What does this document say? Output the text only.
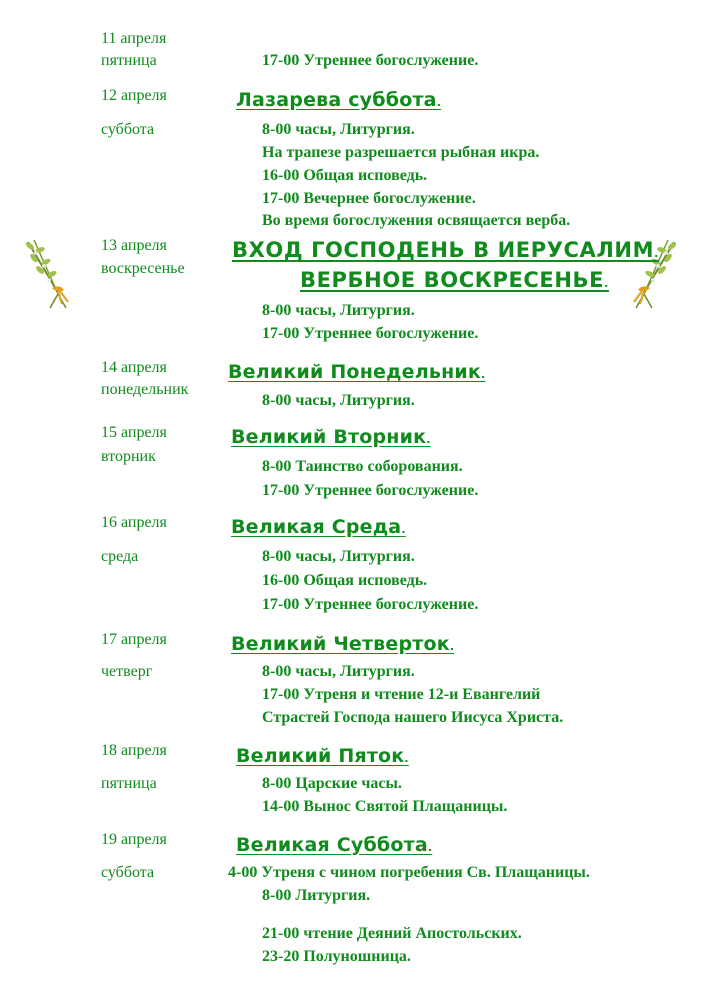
11 апреля
пятница	17-00 Утреннее богослужение.
12 апреля	Лазарева суббота .
суббота	8-00 часы, Литургия.
На трапезе разрешается рыбная икра.
16-00 Общая исповедь.
17-00 Вечернее богослужение.
Во время богослужения освящается верба.
13 апреля	ВХОД ГОСПОДЕНЬ В ИЕРУСАЛИМ .
воскресенье	ВЕРБНОЕ ВОСКРЕСЕНЬЕ .
8-00 часы, Литургия.
17-00 Утреннее богослужение.
14 апреля	Великий Понедельник .
понедельник
8-00 часы, Литургия.
15 апреля	Великий Вторник .
вторник
8-00 Таинство соборования.
17-00 Утреннее богослужение.
16 апреля	Великая Среда .
среда	8-00 часы, Литургия.
16-00 Общая исповедь.
17-00 Утреннее богослужение.
17 апреля	Великий Четверток .
четверг	8-00 часы, Литургия.
17-00 Утреня и чтение 12-и Евангелий
Страстей Господа нашего Иисуса Христа.
18 апреля	Великий Пяток .
пятница	8-00 Царские часы.
14-00 Вынос Святой Плащаницы.
19 апреля	Великая Суббота .
суббота	4-00 Утреня с чином погребения Св. Плащаницы.
8-00 Литургия.
21-00 чтение Деяний Апостольских.
23-20 Полуношница.
